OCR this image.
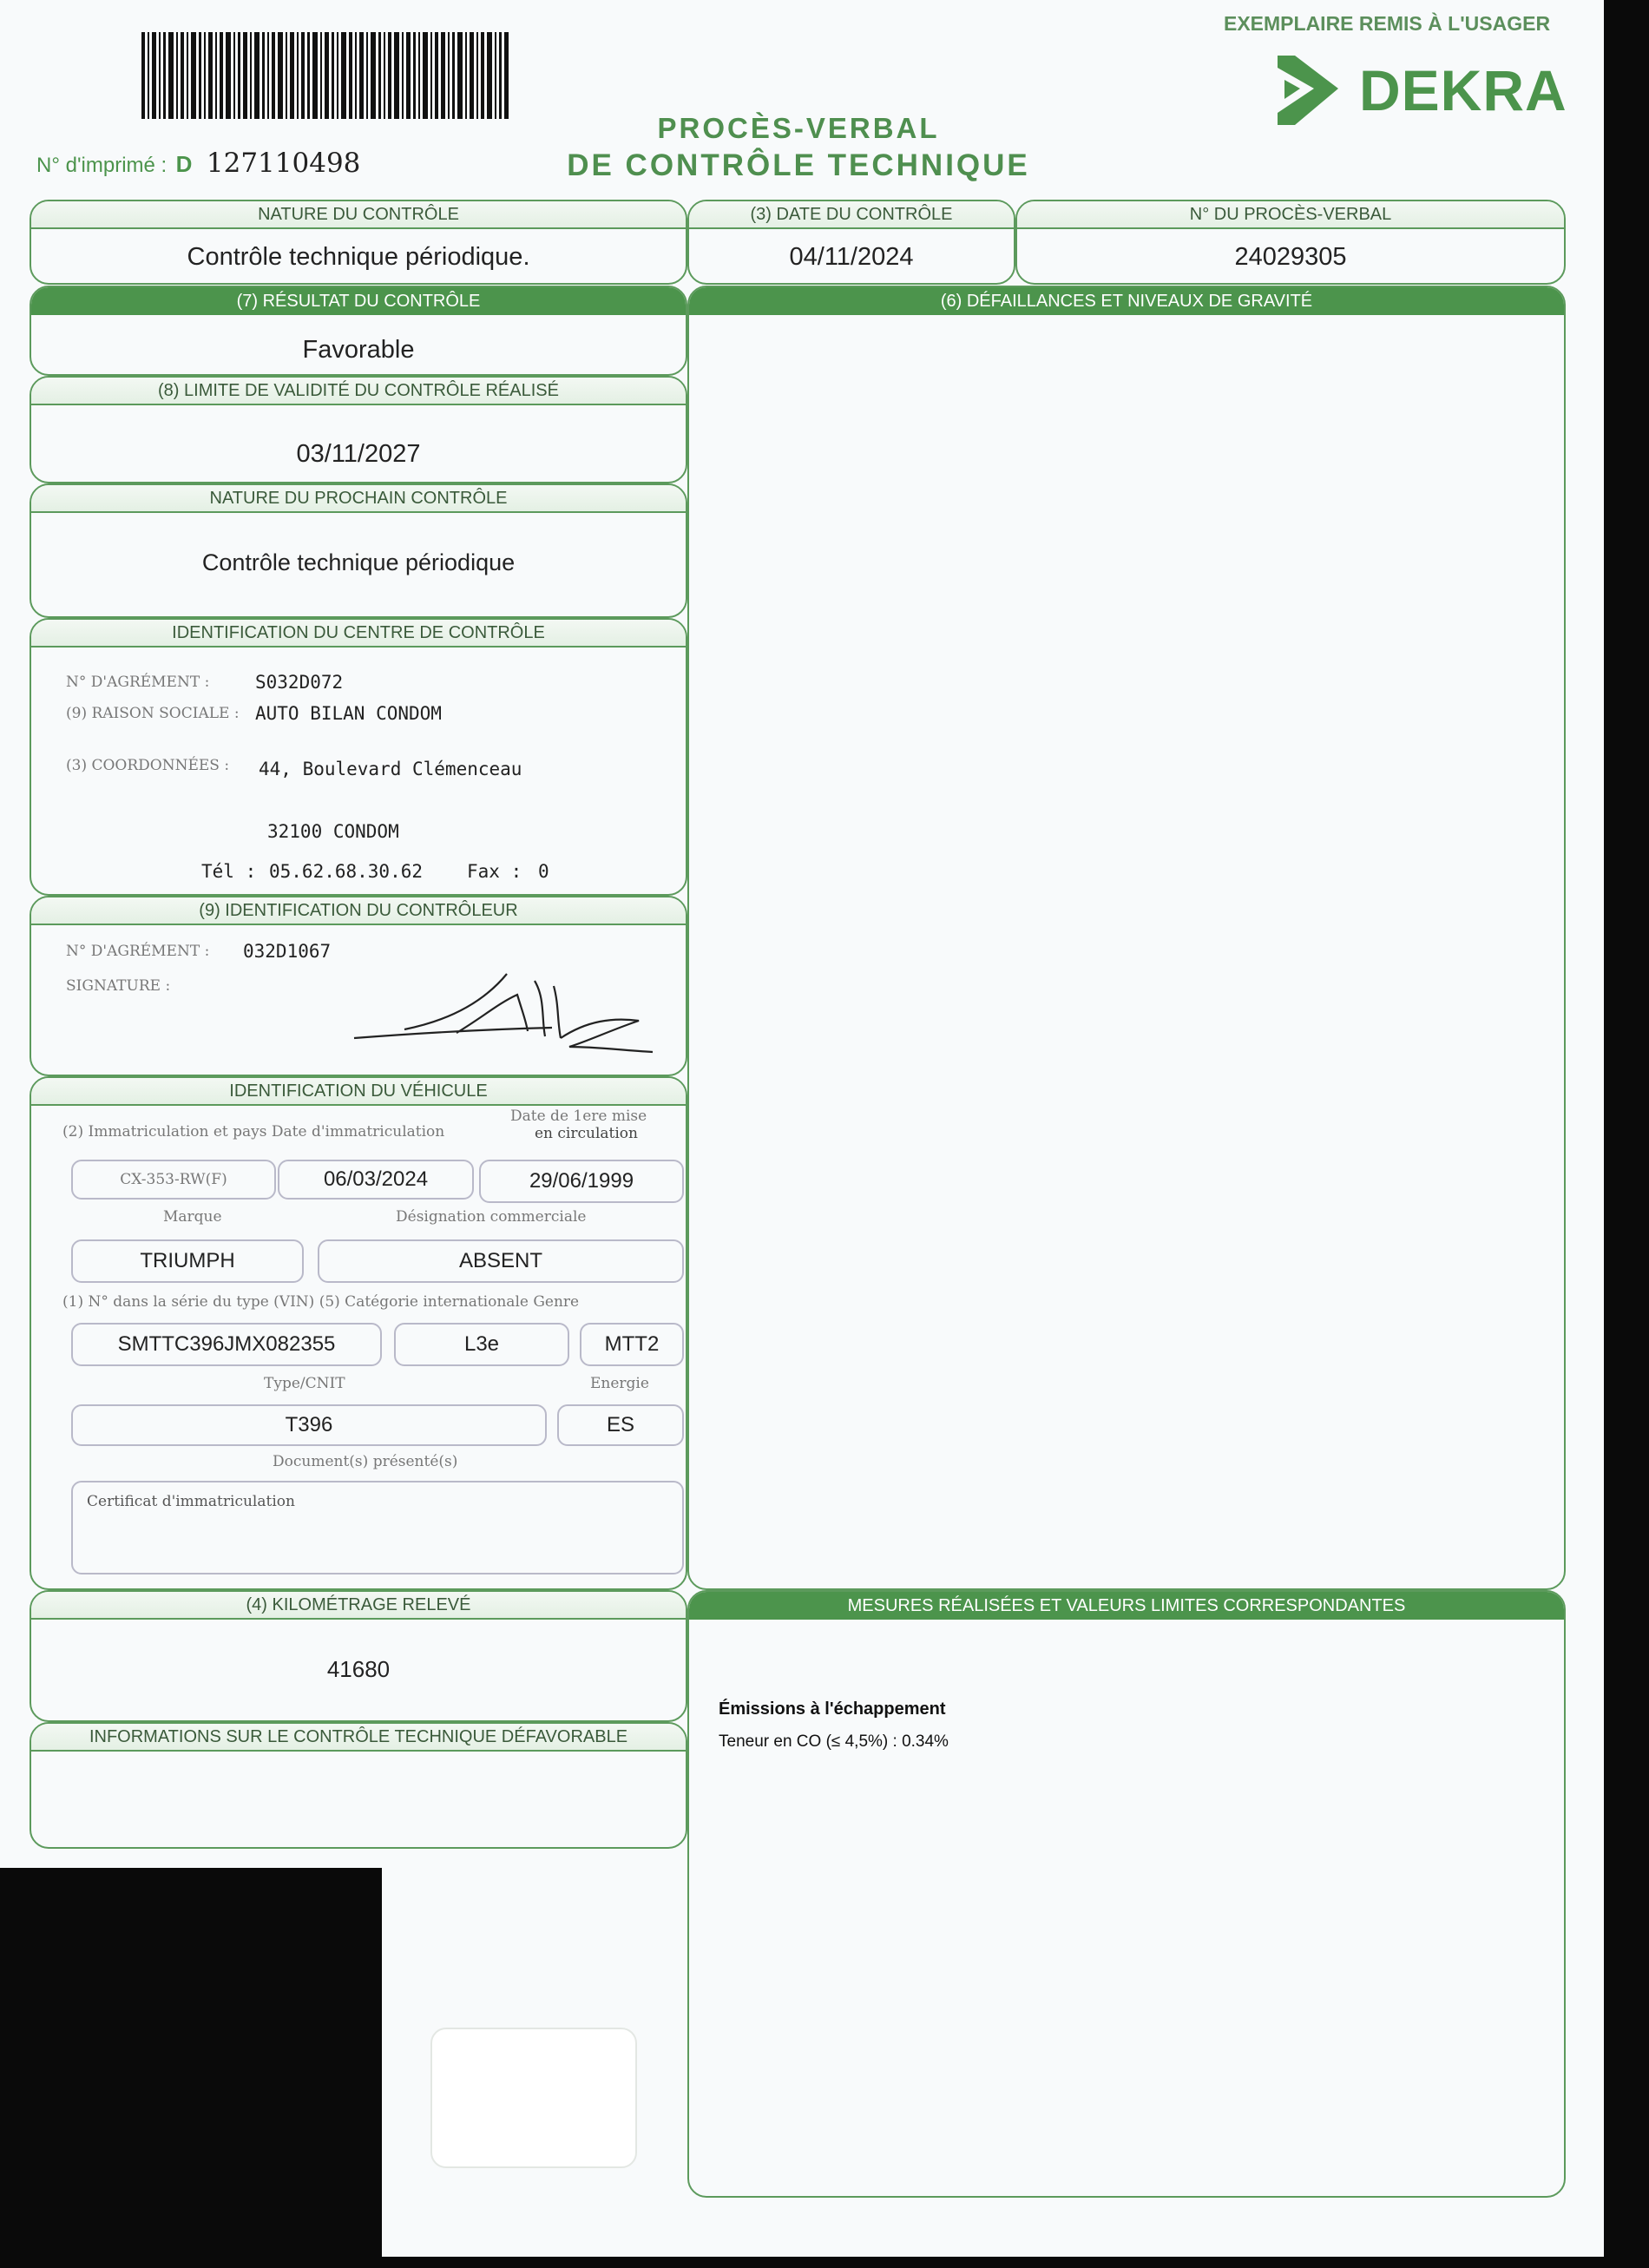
N° d'imprimé : D 127110498
PROCÈS-VERBAL
DE CONTRÔLE TECHNIQUE
EXEMPLAIRE REMIS À L'USAGER
DEKRA
NATURE DU CONTRÔLE
Contrôle technique périodique.
(3) DATE DU CONTRÔLE
04/11/2024
N° DU PROCÈS-VERBAL
24029305
(7) RÉSULTAT DU CONTRÔLE
Favorable
(8) LIMITE DE VALIDITÉ DU CONTRÔLE RÉALISÉ
03/11/2027
NATURE DU PROCHAIN CONTRÔLE
Contrôle technique périodique
IDENTIFICATION DU CENTRE DE CONTRÔLE
N° D'AGRÉMENT :	S032D072
(9) RAISON SOCIALE : AUTO BILAN CONDOM
(3) COORDONNÉES : 44, Boulevard Clémenceau
32100 CONDOM
Tél : 05.62.68.30.62 Fax : 0
(9) IDENTIFICATION DU CONTRÔLEUR
N° D'AGRÉMENT : 032D1067
SIGNATURE :
IDENTIFICATION DU VÉHICULE
(2) Immatriculation et pays Date d'immatriculation
Date de 1ere mise
en circulation
CX-353-RW(F)	06/03/2024	29/06/1999
Marque	Désignation commerciale
TRIUMPH	ABSENT
(1) N° dans la série du type (VIN) (5) Catégorie internationale Genre
SMTTC396JMX082355	L3e	MTT2
Type/CNIT	Energie
T396	ES
Document(s) présenté(s)
Certificat d'immatriculation
(4) KILOMÉTRAGE RELEVÉ
41680
INFORMATIONS SUR LE CONTRÔLE TECHNIQUE DÉFAVORABLE
(6) DÉFAILLANCES ET NIVEAUX DE GRAVITÉ
MESURES RÉALISÉES ET VALEURS LIMITES CORRESPONDANTES
Émissions à l'échappement
Teneur en CO (≤ 4,5%) : 0.34%
